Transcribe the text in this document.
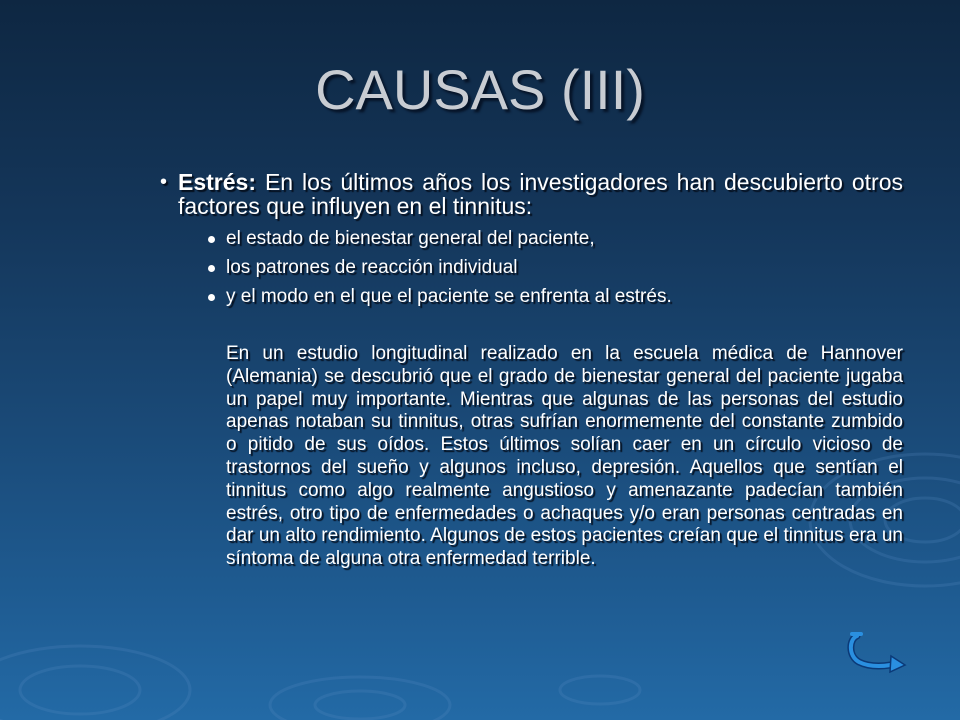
CAUSAS (III)
• Estrés: En los últimos años los investigadores han descubierto otros factores que influyen en el tinnitus:
el estado de bienestar general del paciente,
los patrones de reacción individual
y el modo en el que el paciente se enfrenta al estrés.
En un estudio longitudinal realizado en la escuela médica de Hannover (Alemania) se descubrió que el grado de bienestar general del paciente jugaba un papel muy importante. Mientras que algunas de las personas del estudio apenas notaban su tinnitus, otras sufrían enormemente del constante zumbido o pitido de sus oídos. Estos últimos solían caer en un círculo vicioso de trastornos del sueño y algunos incluso, depresión. Aquellos que sentían el tinnitus como algo realmente angustioso y amenazante padecían también estrés, otro tipo de enfermedades o achaques y/o eran personas centradas en dar un alto rendimiento. Algunos de estos pacientes creían que el tinnitus era un síntoma de alguna otra enfermedad terrible.
